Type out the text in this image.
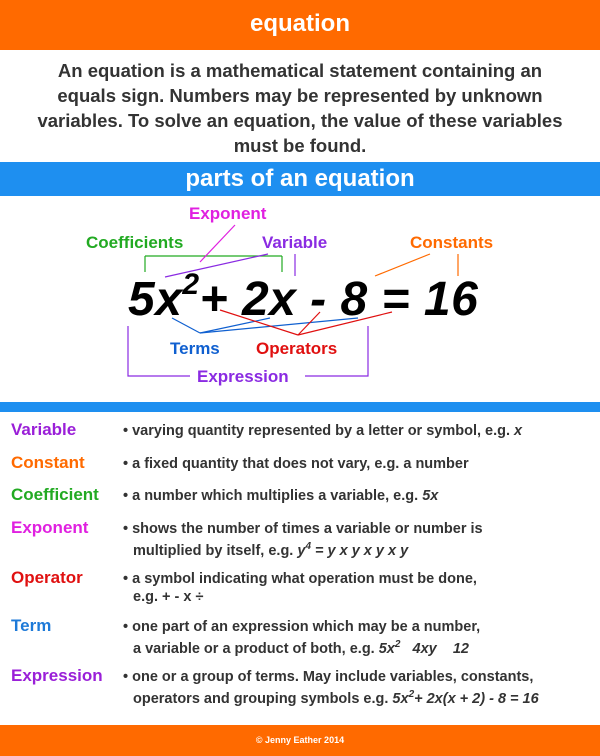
equation
An equation is a mathematical statement containing an equals sign. Numbers may be represented by unknown variables. To solve an equation, the value of these variables must be found.
parts of an equation
Exponent
Coefficients	Variable	Constants
Terms Operators
Expression
$5x^2+ 2x - 8 = 16$
Variable	• varying quantity represented by a letter or symbol, e.g. x
Constant	• a fixed quantity that does not vary, e.g. a number
Coefficient • a number which multiplies a variable, e.g. 5x
Exponent • shows the number of times a variable or number is
multiplied by itself, e.g. $y^4 = y$ x y x y x y
Operator	• a symbol indicating what operation must be done,
e.g. + - x ÷
Term	• one part of an expression which may be a number,
a variable or a product of both, e.g. $5x^2$   4xy    12
Expression • one or a group of terms. May include variables, constants,
operators and grouping symbols e.g. $5x^2+ 2x(x + 2) - 8 = 16$
© Jenny Eather 2014
